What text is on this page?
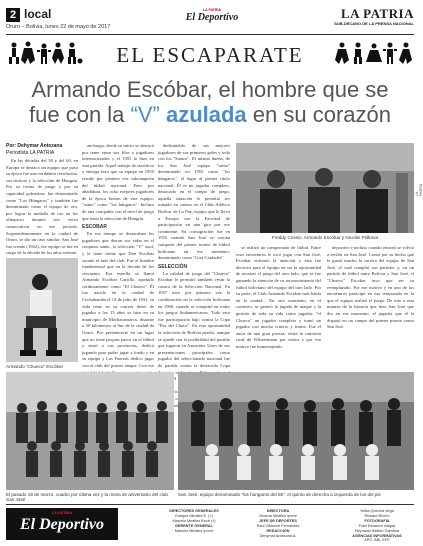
2 local
Oruro – Bolivia, lunes 22 de mayo de 2017
LA PATRIA
El Deportivo	LA PATRIA
SUB-DECANO DE LA PRENSA NACIONAL
EL ESCAPARATE
Armando Escóbar, el hombre que se
fue con la “V” azulada en su corazón
Por: Dehymar Antezana
Periodista LA PATRIA

En las décadas del 50 y del 60, en Europa se destacó un equipo que puso su época fue una verdadera revolución, sus tácticas y la selección de Hungría. Por su forma de juego y por su capacidad goleadora, fue denominado como "Los Húngaros" y también fue denominado como el equipo de oro, por lograr la medalla de oro en los olímpicos durante tres veces consecutivas en ese periodo. Sorprendentemente en la ciudad de Oruro, se dio un caso similar: San José fue creado (1942), ese equipo se fue en cargo de la década de los años sesenta.

Armando "Chueco" Escóbar

anchurga, desde su inicio se destacó por tener entre sus filas a jugadores internacionales y el 1955 lo hizo en esta partida. Aquel trabajo de sacrificio y entrega hizo que su equipo en 1955 resulte por primera vez subcampeón del fútbol nacional. Pero por añadidura, los ocho mejores jugadores de la época fueron de este equipo, "santo" como "los húngaros". Incluso de una compañía con el nivel de juego que tenía la selección de Hungría.

ESCOBAR

En ese tiempo se destacaban los jugadores que dieron sus vidas en el conjunto santo, la selección "V" azul, y le tiene frente que Don Escóbar sacado el más del club. Fue el hombre fundamental que en la decada de los cincuenta. Esa estrella se llamó Armando Escóbar Carrillo, apodado cariñosamente como "El Chueco". Él fue nacido en la ciudad de Cochabamba el 13 de julio de 1931, su vida tiene en su carrera dotes de jugador a los 15 años se hizo en su municipio de Machacamarca, distante a 30 kilómetros al Sur de la ciudad de Oruro. Por pertenecerte en un lugar que no tiene propias pasos en el fútbol y entró a sus provincias, dedicó jugando para poder jugar a fondo y en su equipo y Las Fuerzas dedico jugar con el club del primer ataque. Con ese

dedicándole de sus mejores jugadores de sus primeros goles y todo con los "Santos". El mismo dueño, de los San José equipo "santo" denominado en 1955 como "los húngaros", el lugar al primer título nacional. Él es un jugador completo, destacado en el campo de juego, aquella situación le permitió ser tomado en cuenta en el Club Atlético Bolívar de La Paz, equipo que le llevó a Europa con la Facultad de participación en una gira por ese continente. Su consagración fue en 1955 cuando San José se corona campeón del primer torneo de fútbol boliviano en ese momento, denominado como "Gira Ciudades".

SELECCIÓN

La calidad de juego del "Chueco" Escobar le permitió también vestir la casaca de la Selección Nacional. En 1957 tuvo por primera vez la combinación en la selección boliviana en 1960, cuando se compitió en todos los juegos Sudamericanos. Todo esto fue participación bajo contra la Copa "Paz del Chaco". En esta oportunidad la selección de Bolivia perdió, aunque se quedó con la posibilidad del partido que jugaron en Asunción. Unos de sus presentaciones principales como jugador del seleccionado nacional fue de partida contra la destacada Copa el

LA PATRIA
Freddy Cossio, Armando Escóbar y Nicolás Pidkova

se realizó un campeonato de fútbol. Entre esos encuentros le tocó jugar con San José, Escóbar enfrentó la atención y ésta fue decisiva para el equipo en ser la oportunidad de mostrar el juego del otro lado, que se fue ganando la atención de su reconocimiento del fútbol boliviano del equipo del otro lado. Por su parte, el Club Armando Escobar más había en la ciudad... En otro momento, en el contexto, se generó la jugada de ataque y la gestión de toda su vida como jugador, "el Chueco" un jugador completo y tomó un jugador con mucho criterio y forma. Fue el autor de una gran proeza: vistió la camiseta rival de Wilstermann por varios y por ese motivo fue homenajeado.

deportivo e incluso cuando retornó se volvió a recibir en San José. Contó por su hecho que le gustó mucho la carrera del equipo de San José, el cual cumplió sus partidos y, en un partido de fútbol entre Bolívar y San José, el "Chueco" Escobar tuvo que ser su reemplazado. Por ese motivo y en uno de los encuentros participó en esa temporada en la que el equipo realizó el juego. De este a esta manera de la historia que hizo San José que dio en ese momento, el jugador que él la disputó en un campo del primer puesto como San José.

El pasado 19 de marzo, cuadro por última vez y la mesa de aniversario del club San José
San José, equipo denominado "los húngaros del 55", el quinto de derecha a izquierda de los del pie
LA PATRIA
El Deportivo
DIRECTORES GENERALES
Enrique Miralles E. (†)
Marcelo Miralles Bové (†)
GERENTE GENERAL
Marcelo Miralles Iporre
DIRECTORA
Ximena Miralles Iporre
JEFE DE DEPORTES
Raúl Villarroel Fernández
REDACCIÓN
Dehymar Antezana A.
Velka Quiroha Vega
Richard Rivero
FOTOGRAFÍA
Fidel Escalera Vargas
Reynaldo Bellido Gamboa
AGENCIAS INFORMATIVAS
APG, ABI, EFE
